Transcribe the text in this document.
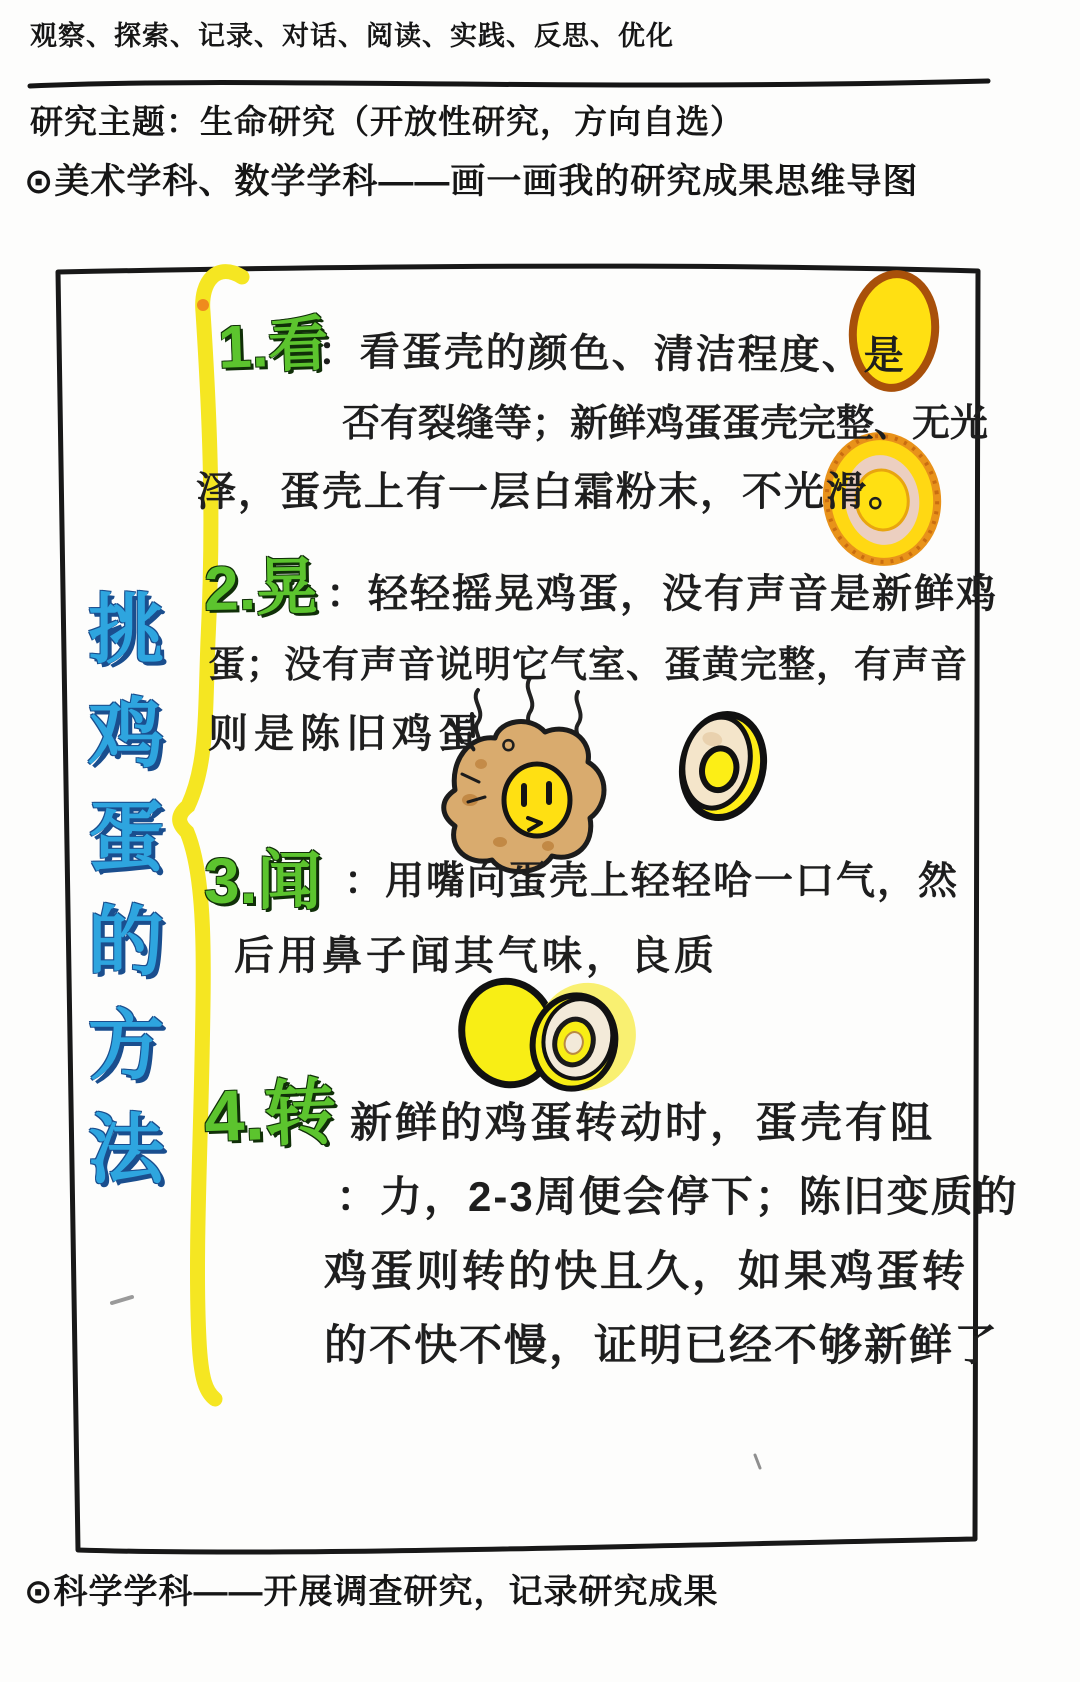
观察、探索、记录、对话、阅读、实践、反思、优化
研究主题：生命研究（开放性研究，方向自选）
⊙美术学科、数学学科——画一画我的研究成果思维导图
⊙科学学科——开展调查研究，记录研究成果
挑
鸡
蛋
的
方
法
1.看
：看蛋壳的颜色、清洁程度、是
否有裂缝等；新鲜鸡蛋蛋壳完整、无光
泽，蛋壳上有一层白霜粉末，不光滑。
2.晃 ：轻轻摇晃鸡蛋，没有声音是新鲜鸡
蛋；没有声音说明它气室、蛋黄完整，有声音
则是陈旧鸡蛋 。
3.闻 ：用嘴向蛋壳上轻轻哈一口气，然
后用鼻子闻其气味，良质
4.转 新鲜的鸡蛋转动时，蛋壳有阻
：力，2-3周便会停下；陈旧变质的
鸡蛋则转的快且久，如果鸡蛋转
的不快不慢，证明已经不够新鲜了
